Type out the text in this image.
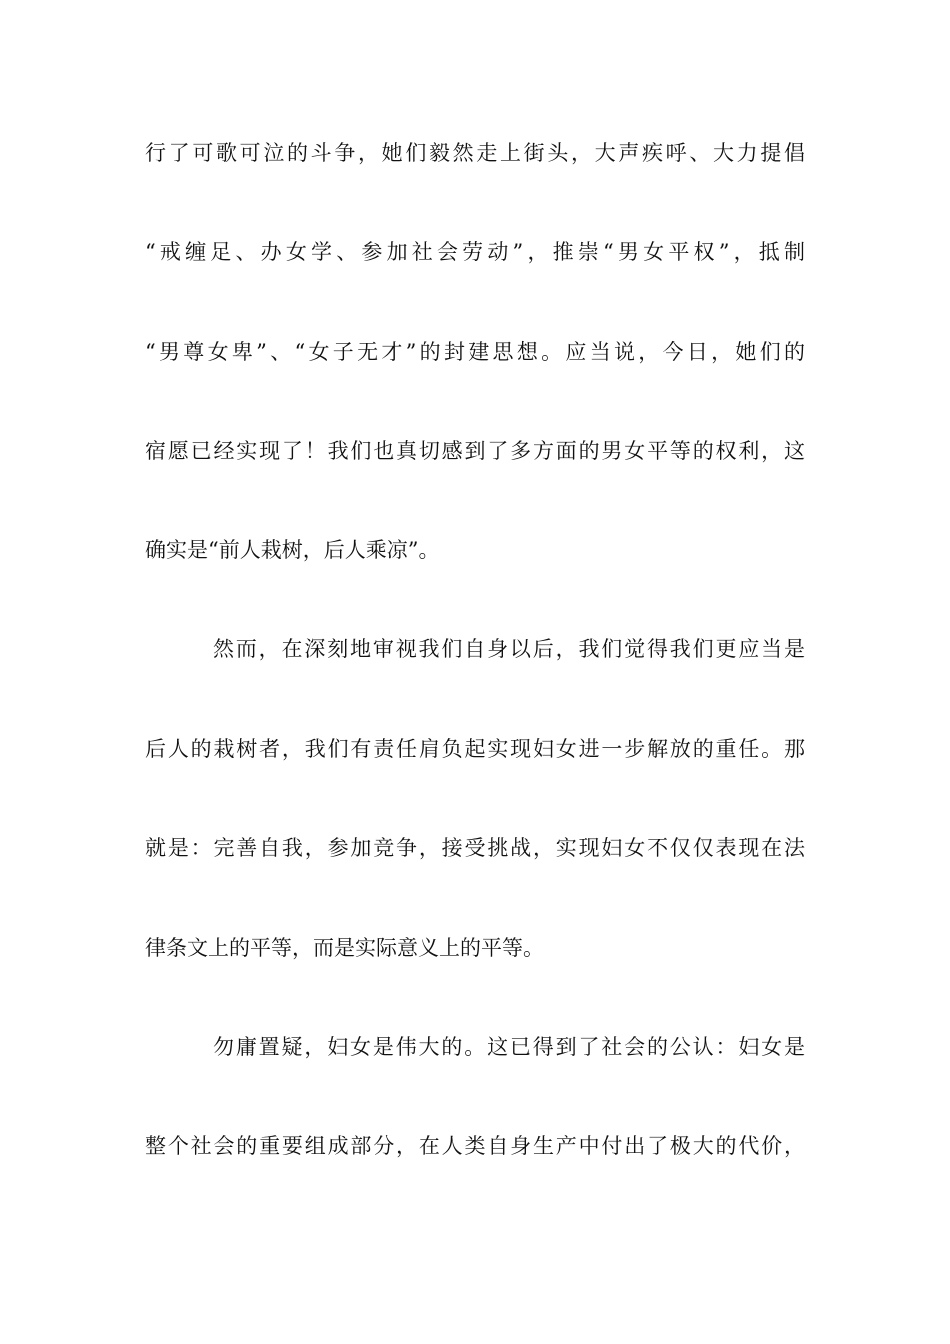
行了可歌可泣的斗争，她们毅然走上街头，大声疾呼、大力提倡
“戒缠足、办女学、参加社会劳动”，推崇“男女平权”，抵制
“男尊女卑”、“女子无才”的封建思想。应当说，今日，她们的
宿愿已经实现了！我们也真切感到了多方面的男女平等的权利，这
确实是“前人栽树，后人乘凉”。
然而，在深刻地审视我们自身以后，我们觉得我们更应当是
后人的栽树者，我们有责任肩负起实现妇女进一步解放的重任。那
就是：完善自我，参加竞争，接受挑战，实现妇女不仅仅表现在法
律条文上的平等，而是实际意义上的平等。
勿庸置疑，妇女是伟大的。这已得到了社会的公认：妇女是
整个社会的重要组成部分，在人类自身生产中付出了极大的代价，
